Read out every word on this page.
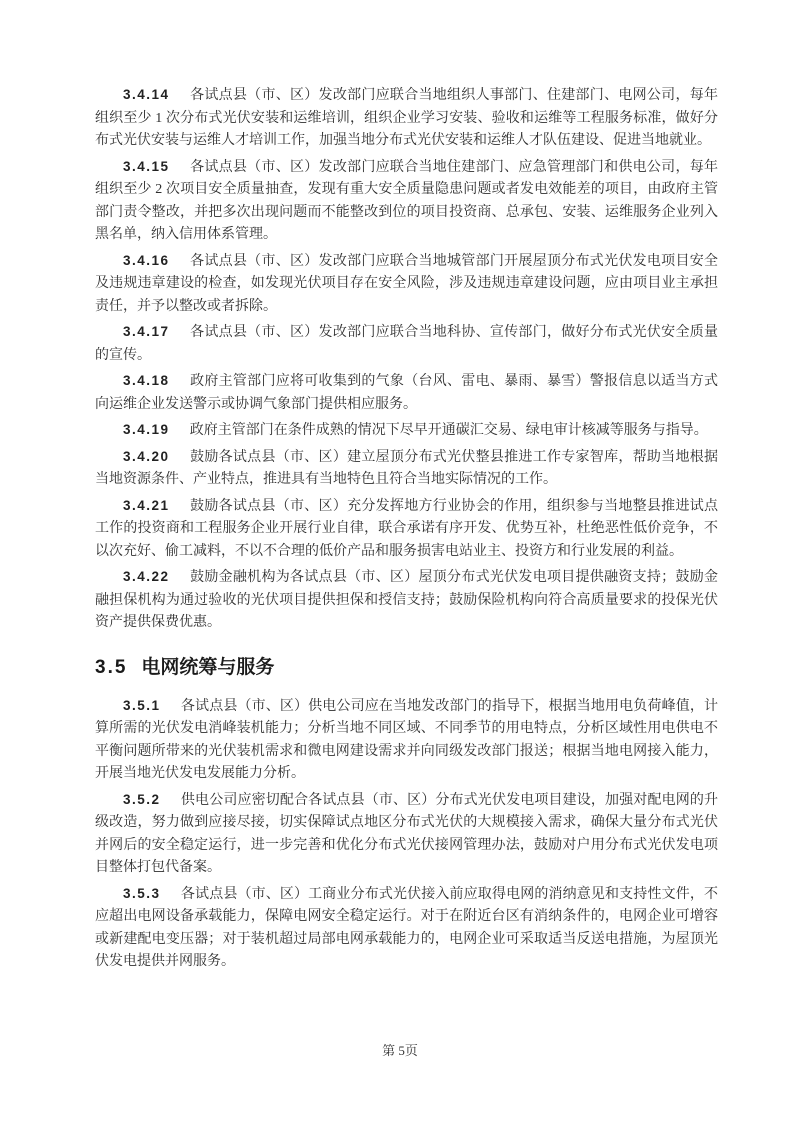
3.4.14 各试点县（市、区）发改部门应联合当地组织人事部门、住建部门、电网公司，每年组织至少 1 次分布式光伏安装和运维培训，组织企业学习安装、验收和运维等工程服务标准，做好分布式光伏安装与运维人才培训工作，加强当地分布式光伏安装和运维人才队伍建设、促进当地就业。

3.4.15 各试点县（市、区）发改部门应联合当地住建部门、应急管理部门和供电公司，每年组织至少 2 次项目安全质量抽查，发现有重大安全质量隐患问题或者发电效能差的项目，由政府主管部门责令整改，并把多次出现问题而不能整改到位的项目投资商、总承包、安装、运维服务企业列入黑名单，纳入信用体系管理。

3.4.16 各试点县（市、区）发改部门应联合当地城管部门开展屋顶分布式光伏发电项目安全及违规违章建设的检查，如发现光伏项目存在安全风险，涉及违规违章建设问题，应由项目业主承担责任，并予以整改或者拆除。

3.4.17 各试点县（市、区）发改部门应联合当地科协、宣传部门，做好分布式光伏安全质量的宣传。

3.4.18 政府主管部门应将可收集到的气象（台风、雷电、暴雨、暴雪）警报信息以适当方式向运维企业发送警示或协调气象部门提供相应服务。

3.4.19 政府主管部门在条件成熟的情况下尽早开通碳汇交易、绿电审计核减等服务与指导。

3.4.20 鼓励各试点县（市、区）建立屋顶分布式光伏整县推进工作专家智库，帮助当地根据当地资源条件、产业特点，推进具有当地特色且符合当地实际情况的工作。

3.4.21 鼓励各试点县（市、区）充分发挥地方行业协会的作用，组织参与当地整县推进试点工作的投资商和工程服务企业开展行业自律，联合承诺有序开发、优势互补，杜绝恶性低价竞争，不以次充好、偷工减料，不以不合理的低价产品和服务损害电站业主、投资方和行业发展的利益。

3.4.22 鼓励金融机构为各试点县（市、区）屋顶分布式光伏发电项目提供融资支持；鼓励金融担保机构为通过验收的光伏项目提供担保和授信支持；鼓励保险机构向符合高质量要求的投保光伏资产提供保费优惠。

3.5 电网统筹与服务

3.5.1 各试点县（市、区）供电公司应在当地发改部门的指导下，根据当地用电负荷峰值，计算所需的光伏发电消峰装机能力；分析当地不同区域、不同季节的用电特点，分析区域性用电供电不平衡问题所带来的光伏装机需求和微电网建设需求并向同级发改部门报送；根据当地电网接入能力，开展当地光伏发电发展能力分析。

3.5.2 供电公司应密切配合各试点县（市、区）分布式光伏发电项目建设，加强对配电网的升级改造，努力做到应接尽接，切实保障试点地区分布式光伏的大规模接入需求，确保大量分布式光伏并网后的安全稳定运行，进一步完善和优化分布式光伏接网管理办法，鼓励对户用分布式光伏发电项目整体打包代备案。

3.5.3 各试点县（市、区）工商业分布式光伏接入前应取得电网的消纳意见和支持性文件，不应超出电网设备承载能力，保障电网安全稳定运行。对于在附近台区有消纳条件的，电网企业可增容或新建配电变压器；对于装机超过局部电网承载能力的，电网企业可采取适当反送电措施，为屋顶光伏发电提供并网服务。

第 5页
